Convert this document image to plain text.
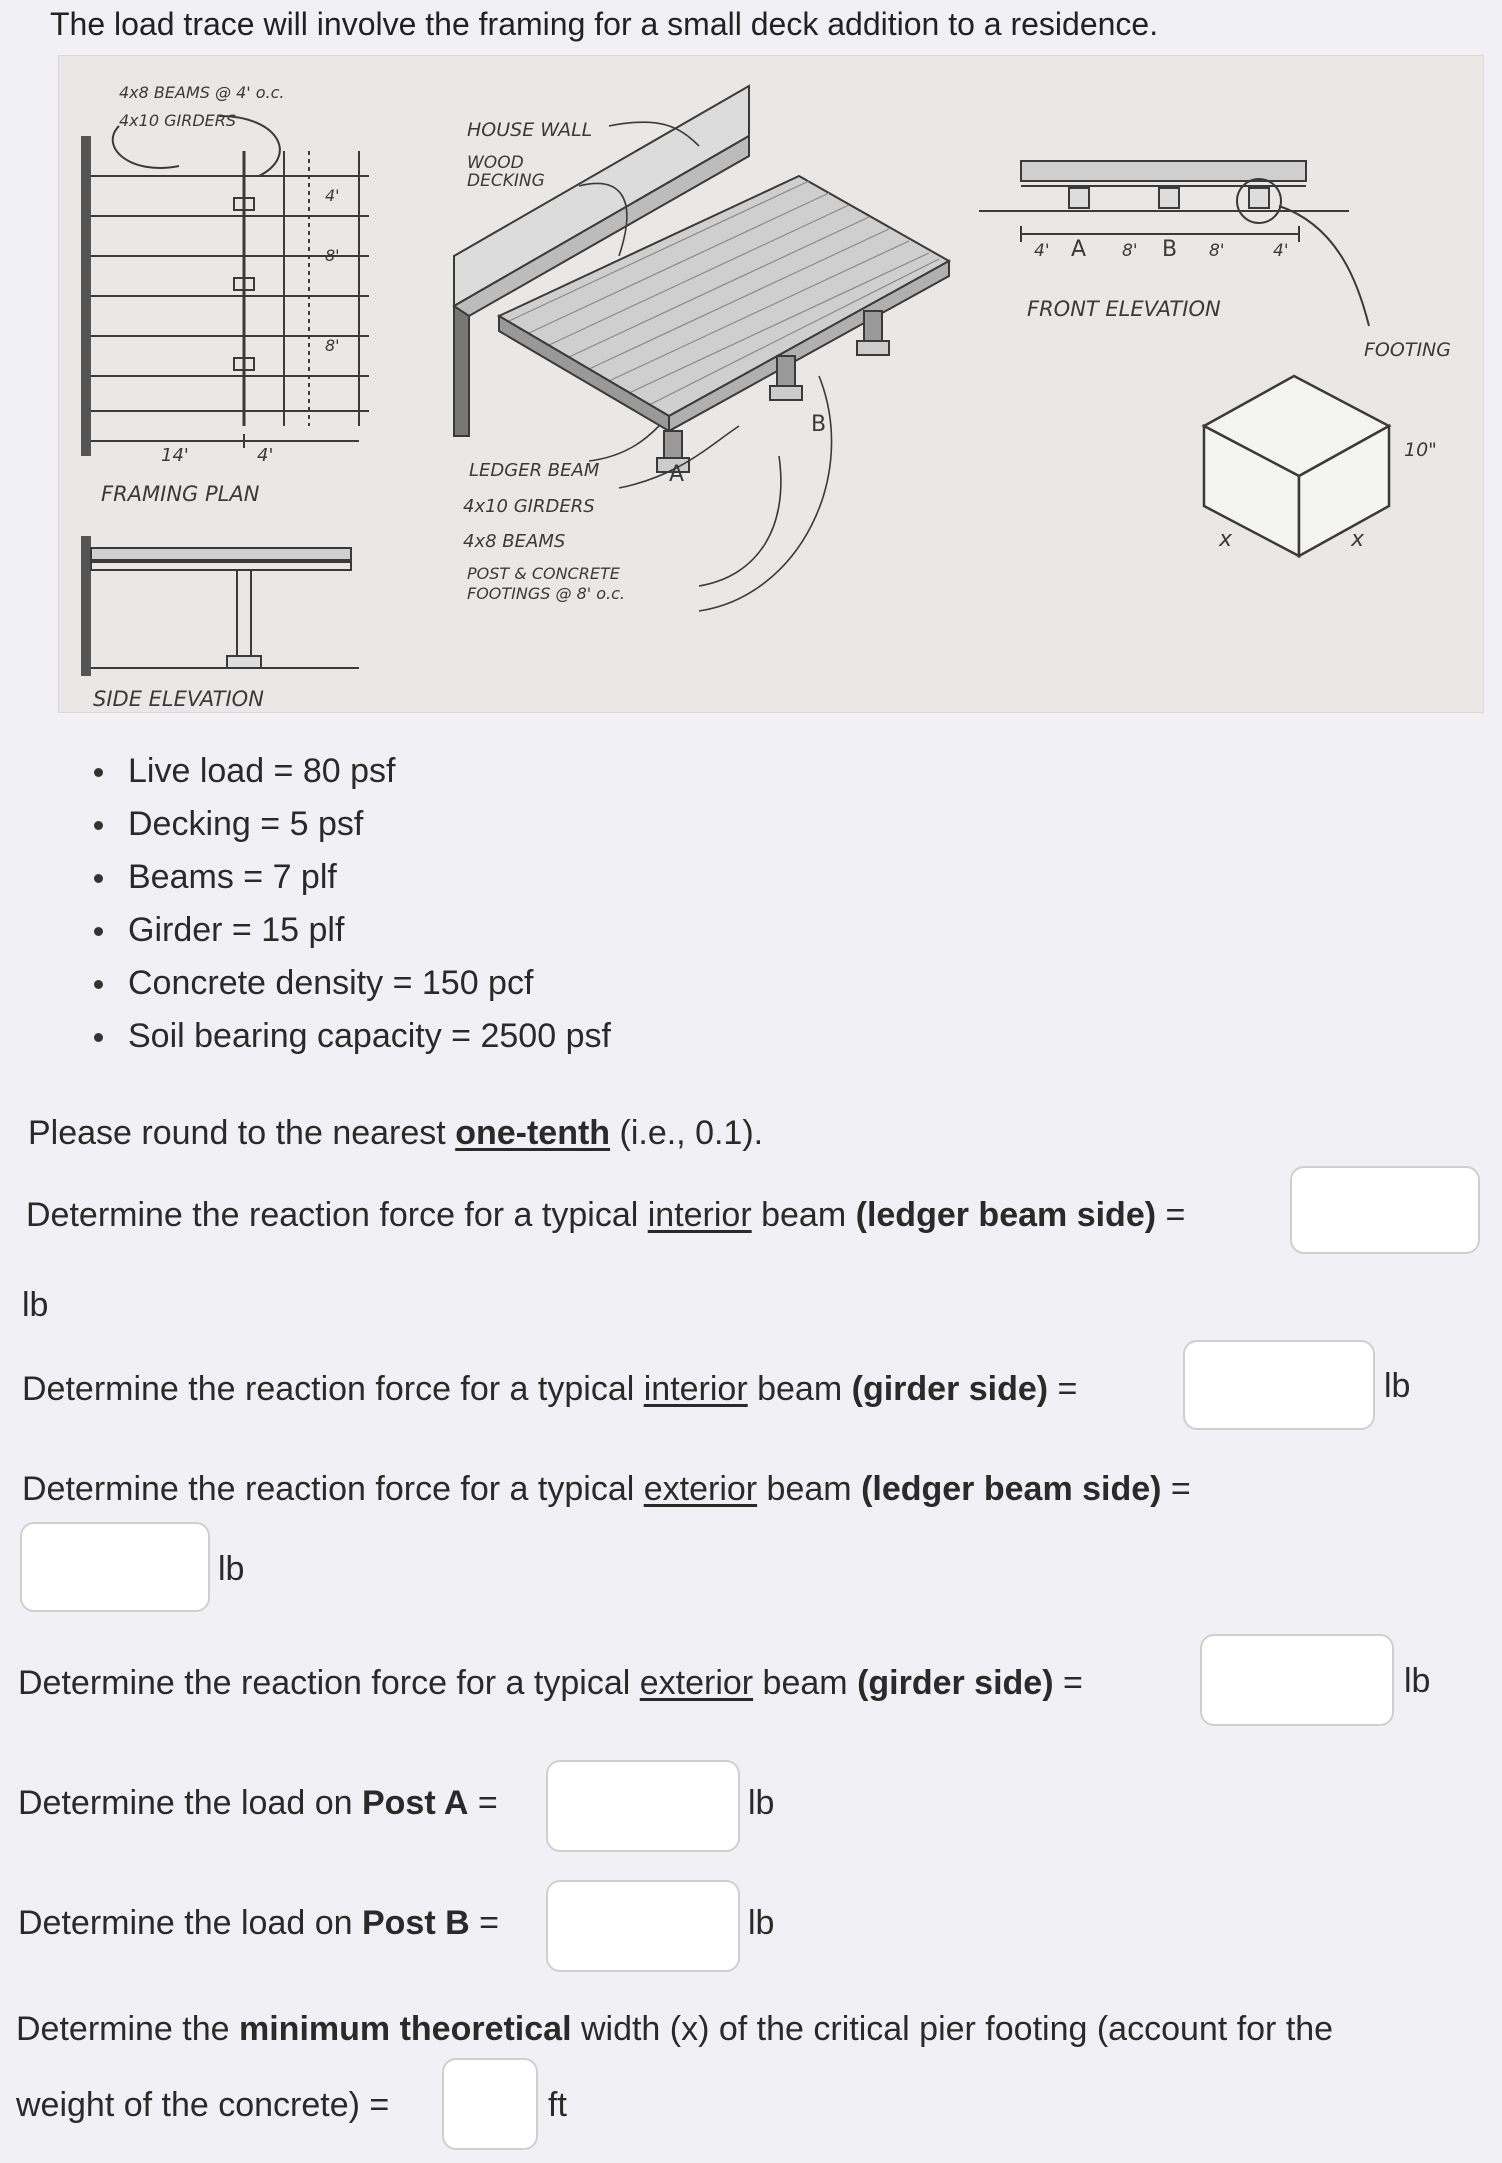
The load trace will involve the framing for a small deck addition to a residence.
4x8 BEAMS @ 4' o.c.
4x10 GIRDERS
14'	4'
8'
8'
4'
FRAMING PLAN
SIDE ELEVATION
HOUSE WALL
WOOD
DECKING
LEDGER BEAM
4x10 GIRDERS
4x8 BEAMS
POST & CONCRETE
FOOTINGS @ 8' o.c.
A
B
4' A 8' B 8'	4'
FRONT ELEVATION
FOOTING
10"
x	x
Live load = 80 psf
Decking = 5 psf
Beams = 7 plf
Girder = 15 plf
Concrete density = 150 pcf
Soil bearing capacity = 2500 psf
Please round to the nearest one-tenth (i.e., 0.1).
Determine the reaction force for a typical interior beam (ledger beam side) =
lb
Determine the reaction force for a typical interior beam (girder side) =	lb
Determine the reaction force for a typical exterior beam (ledger beam side) =
lb
Determine the reaction force for a typical exterior beam (girder side) =	lb
Determine the load on Post A =	lb
Determine the load on Post B =	lb
Determine the minimum theoretical width (x) of the critical pier footing (account for the
weight of the concrete) =	ft
